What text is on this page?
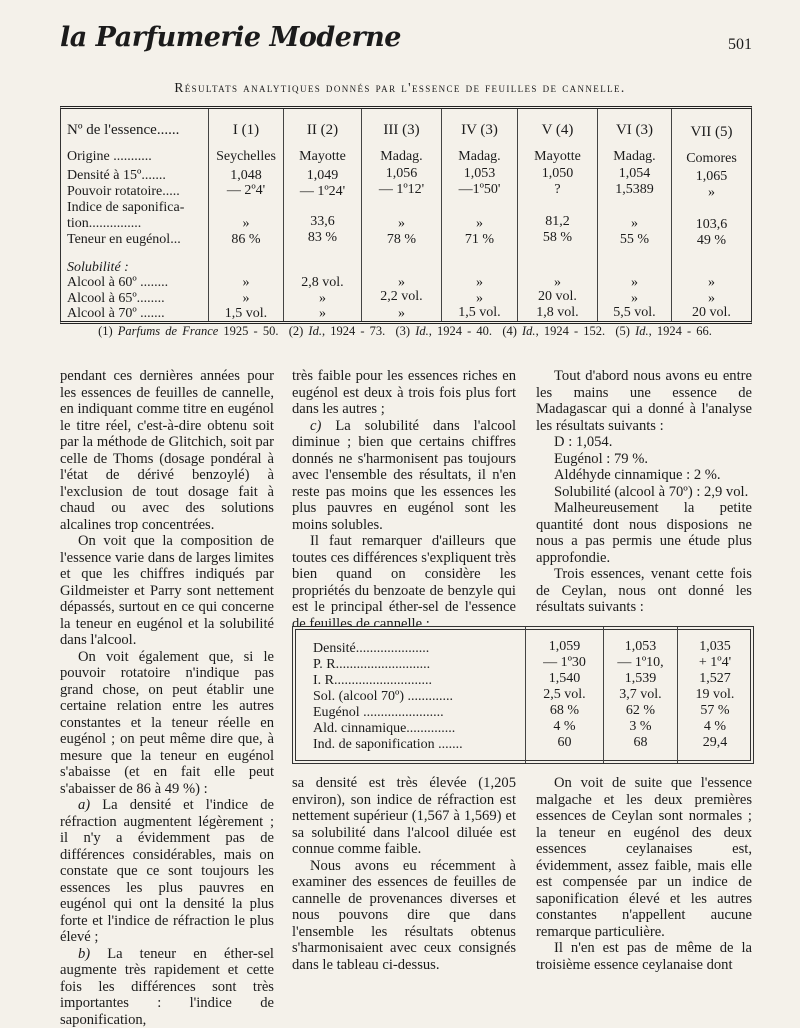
la Parfumerie Moderne	501
Résultats analytiques donnés par l'essence de feuilles de cannelle.
Nº de l'essence......	I (1)	II (2)	III (3)	IV (3)	V (4)	VI (3)	VII (5)
Origine ...........	Seychelles	Mayotte	Madag.	Madag.	Mayotte	Madag.	Comores
Densité à 15º.......	1,048	1,049	1,056	1,053	1,050	1,054	1,065
Pouvoir rotatoire.....	— 2º4'	— 1º24'	— 1º12'	—1º50'	?	1,5389	»
Indice de saponifica-
tion...............	»	33,6	»	»	81,2	»	103,6
Teneur en eugénol...	86 %	83 %	78 %	71 %	58 %	55 %	49 %
Solubilité :
Alcool à 60º ........	»	2,8 vol.	»	»	»	»	»
Alcool à 65º........	»	»	2,2 vol.	»	20 vol.	»	»
Alcool à 70º .......	1,5 vol.	»	»	1,5 vol.	1,8 vol.	5,5 vol.	20 vol.
(1) Parfums de France 1925 - 50. (2) Id., 1924 - 73. (3) Id., 1924 - 40. (4) Id., 1924 - 152. (5) Id., 1924 - 66.

pendant ces dernières années pour les essences de feuilles de cannelle, en indiquant comme titre en eugénol le titre réel, c'est-à-dire obtenu soit par la méthode de Glitchich, soit par celle de Thoms (dosage pondéral à l'état de dérivé benzoylé) à l'exclusion de tout dosage fait à chaud ou avec des solutions alcalines trop concentrées.

On voit que la composition de l'essence varie dans de larges limites et que les chiffres indiqués par Gildmeister et Parry sont nettement dépassés, surtout en ce qui concerne la teneur en eugénol et la solubilité dans l'alcool.

On voit également que, si le pouvoir rotatoire n'indique pas grand chose, on peut établir une certaine relation entre les autres constantes et la teneur réelle en eugénol ; on peut même dire que, à mesure que la teneur en eugénol s'abaisse (et en fait elle peut s'abaisser de 86 à 49 %) :

a) La densité et l'indice de réfraction augmentent légèrement ; il n'y a évidemment pas de différences considérables, mais on constate que ce sont toujours les essences les plus pauvres en eugénol qui ont la densité la plus forte et l'indice de réfraction le plus élevé ;

b) La teneur en éther-sel augmente très rapidement et cette fois les différences sont très importantes : l'indice de saponification,

très faible pour les essences riches en eugénol est deux à trois fois plus fort dans les autres ;

c) La solubilité dans l'alcool diminue ; bien que certains chiffres donnés ne s'harmonisent pas toujours avec l'ensemble des résultats, il n'en reste pas moins que les essences les plus pauvres en eugénol sont les moins solubles.

Il faut remarquer d'ailleurs que toutes ces différences s'expliquent très bien quand on considère les propriétés du benzoate de benzyle qui est le principal éther-sel de l'essence de feuilles de cannelle :

Tout d'abord nous avons eu entre les mains une essence de Madagascar qui a donné à l'analyse les résultats suivants :

D : 1,054.

Eugénol : 79 %.

Aldéhyde cinnamique : 2 %.

Solubilité (alcool à 70º) : 2,9 vol.

Malheureusement la petite quantité dont nous disposions ne nous a pas permis une étude plus approfondie.

Trois essences, venant cette fois de Ceylan, nous ont donné les résultats suivants :

Densité.....................	1,059	1,053	1,035
P. R...........................	— 1º30	— 1º10,	+ 1º4'
I. R............................	1,540	1,539	1,527
Sol. (alcool 70º) .............	2,5 vol.	3,7 vol.	19 vol.
Eugénol .......................	68 %	62 %	57 %
Ald. cinnamique..............	4 %	3 %	4 %
Ind. de saponification .......	60	68	29,4

sa densité est très élevée (1,205 environ), son indice de réfraction est nettement supérieur (1,567 à 1,569) et sa solubilité dans l'alcool diluée est connue comme faible.

Nous avons eu récemment à examiner des essences de feuilles de cannelle de provenances diverses et nous pouvons dire que dans l'ensemble les résultats obtenus s'harmonisaient avec ceux consignés dans le tableau ci-dessus.

On voit de suite que l'essence malgache et les deux premières essences de Ceylan sont normales ; la teneur en eugénol des deux essences ceylanaises est, évidemment, assez faible, mais elle est compensée par un indice de saponification élevé et les autres constantes n'appellent aucune remarque particulière.

Il n'en est pas de même de la troisième essence ceylanaise dont
